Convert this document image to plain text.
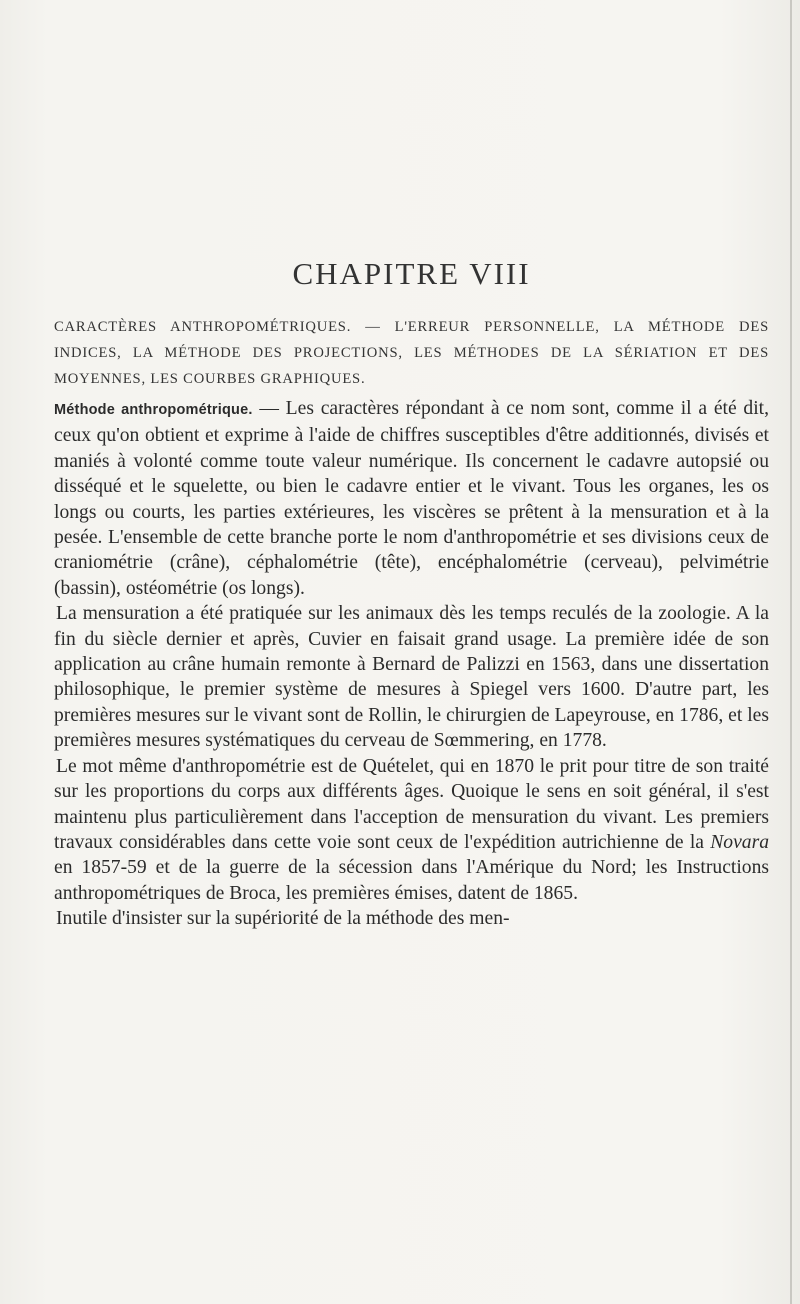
CHAPITRE VIII

CARACTÈRES ANTHROPOMÉTRIQUES. — L'ERREUR PERSONNELLE, LA MÉTHODE DES INDICES, LA MÉTHODE DES PROJECTIONS, LES MÉTHODES DE LA SÉRIATION ET DES MOYENNES, LES COURBES GRAPHIQUES.

Méthode anthropométrique. — Les caractères répondant à ce nom sont, comme il a été dit, ceux qu'on obtient et exprime à l'aide de chiffres susceptibles d'être additionnés, divisés et maniés à volonté comme toute valeur numérique. Ils concernent le cadavre autopsié ou disséqué et le squelette, ou bien le cadavre entier et le vivant. Tous les organes, les os longs ou courts, les parties extérieures, les viscères se prêtent à la mensuration et à la pesée. L'ensemble de cette branche porte le nom d'anthropométrie et ses divisions ceux de craniométrie (crâne), céphalométrie (tête), encéphalométrie (cerveau), pelvimétrie (bassin), ostéométrie (os longs).

La mensuration a été pratiquée sur les animaux dès les temps reculés de la zoologie. A la fin du siècle dernier et après, Cuvier en faisait grand usage. La première idée de son application au crâne humain remonte à Bernard de Palizzi en 1563, dans une dissertation philosophique, le premier système de mesures à Spiegel vers 1600. D'autre part, les premières mesures sur le vivant sont de Rollin, le chirurgien de Lapeyrouse, en 1786, et les premières mesures systématiques du cerveau de Sœmmering, en 1778.

Le mot même d'anthropométrie est de Quételet, qui en 1870 le prit pour titre de son traité sur les proportions du corps aux différents âges. Quoique le sens en soit général, il s'est maintenu plus particulièrement dans l'acception de mensuration du vivant. Les premiers travaux considérables dans cette voie sont ceux de l'expédition autrichienne de la Novara en 1857-59 et de la guerre de la sécession dans l'Amérique du Nord; les Instructions anthropométriques de Broca, les premières émises, datent de 1865.

Inutile d'insister sur la supériorité de la méthode des men-
